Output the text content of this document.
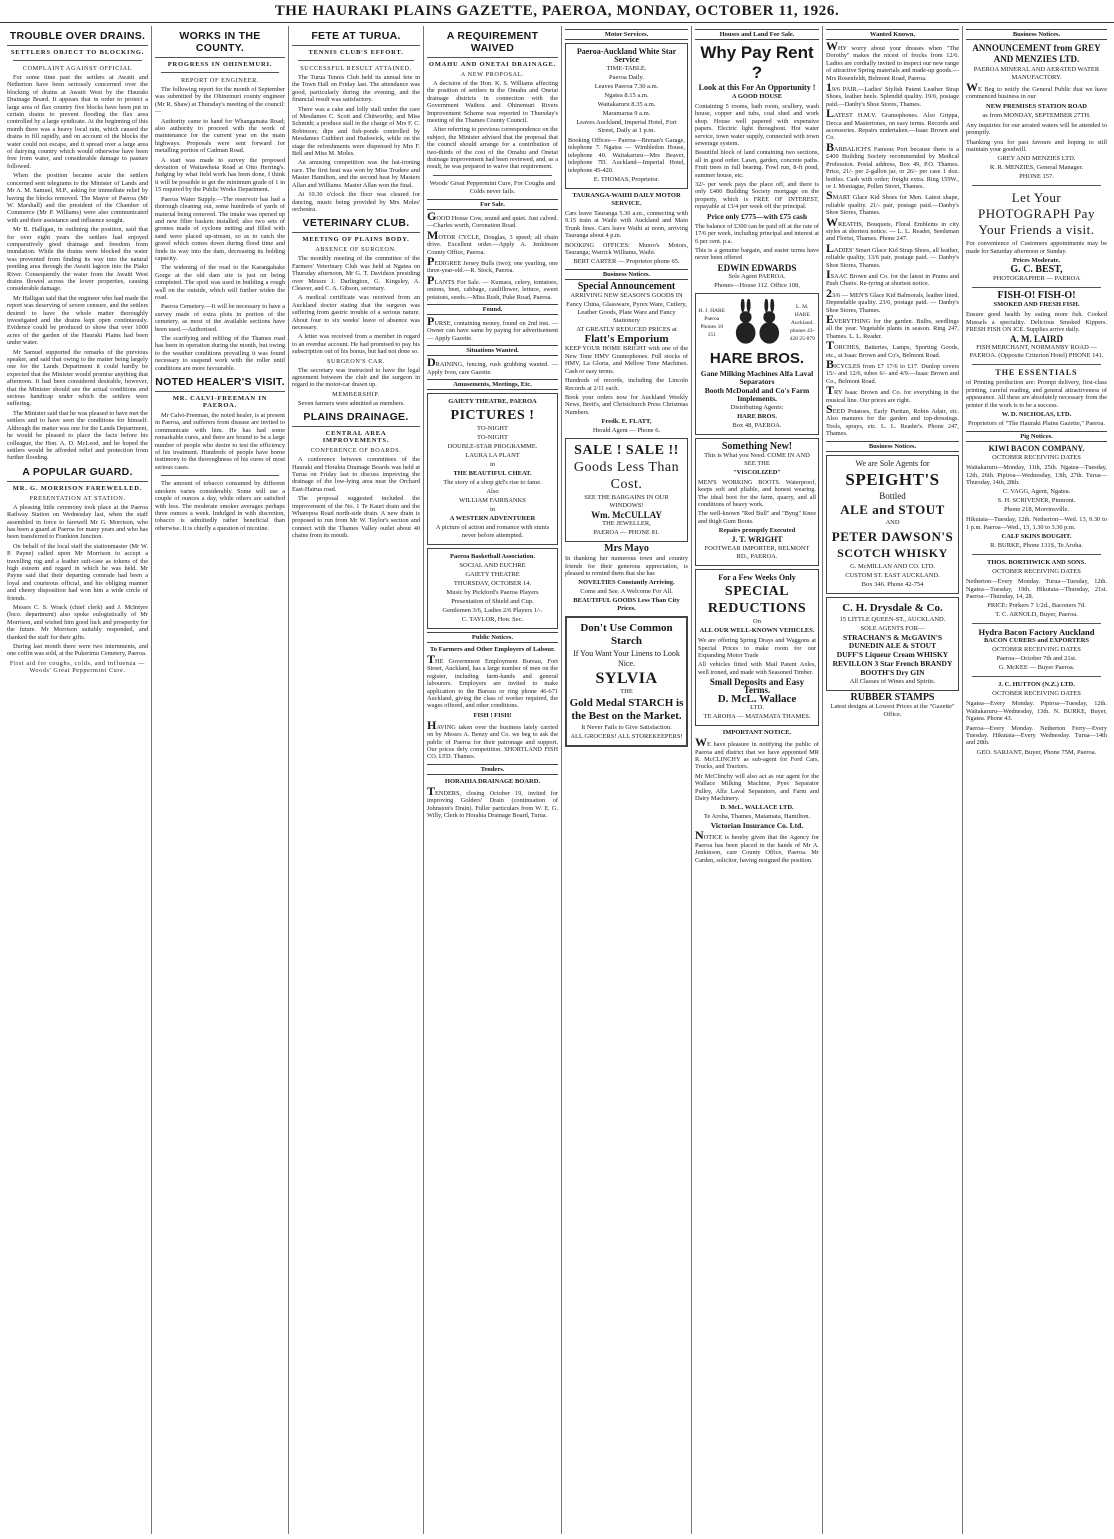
THE HAURAKI PLAINS GAZETTE, PAEROA, MONDAY, OCTOBER 11, 1926.
TROUBLE OVER DRAINS.
SETTLERS OBJECT TO BLOCKING.
COMPLAINT AGAINST OFFICIAL

For some time past the settlers at Awaiti and Netherton have been seriously concerned over the blocking of drains at Awaiti West by the Hauraki Drainage Board. It appears that in order to protect a large area of flax country five blocks have been put in certain drains to prevent flooding the flax area controlled by a large syndicate. At the beginning of this month there was a heavy local rain, which caused the drains to fill rapidly, and on account of the blocks the water could not escape, and it spread over a large area of dairying country which would otherwise have been free from water, and considerable damage to pasture followed.

When the position became acute the settlers concerned sent telegrams to the Minister of Lands and Mr A. M. Samuel, M.P., asking for immediate relief by having the blocks removed. The Mayor of Paeroa (Mr W. Marshall) and the president of the Chamber of Commerce (Mr P. Williams) were also communicated with and their assistance and influence sought.

Mr B. Halligan, in outlining the position, said that for over eight years the settlers had enjoyed comparatively good drainage and freedom from inundation. While the drains were blocked the water was prevented from finding its way into the natural ponding area through the Awaiti lagoon into the Piako River. Consequently the water from the Awaiti West drains flowed across the lower properties, causing considerable damage.

Mr Halligan said that the engineer who had made the report was deserving of severe censure, and the settlers desired to have the whole matter thoroughly investigated and the drains kept open continuously. Evidence could be produced to show that over 1000 acres of the garden of the Hauraki Plains had been under water.

Mr Samuel supported the remarks of the previous speaker, and said that owing to the matter being largely one for the Lands Department it could hardly be expected that the Minister would promise anything that afternoon. It had been considered desirable, however, that the Minister should see the actual conditions and serious handicap under which the settlers were suffering.

The Minister said that he was pleased to have met the settlers and to have seen the conditions for himself. Although the matter was one for the Lands Department, he would be pleased to place the facts before his colleague, the Hon. A. D. McLeod, and he hoped the settlers would be afforded relief and protection from further flooding.

A POPULAR GUARD.
MR. G. MORRISON FAREWELLED.
PRESENTATION AT STATION.

A pleasing little ceremony took place at the Paeroa Railway Station on Wednesday last, when the staff assembled in force to farewell Mr G. Morrison, who has been a guard at Paeroa for many years and who has been transferred to Frankton Junction.

On behalf of the local staff the stationmaster (Mr W. P. Payne) called upon Mr Morrison to accept a travelling rug and a leather suit-case as tokens of the high esteem and regard in which he was held. Mr Payne said that their departing comrade had been a loyal and courteous official, and his obliging manner and cheery disposition had won him a wide circle of friends.

Messrs C. S. Wrack (chief clerk) and J. McIntyre (loco. department) also spoke eulogistically of Mr Morrison, and wished him good luck and prosperity for the future. Mr Morrison suitably responded, and thanked the staff for their gifts.

During last month there were two internments, and one coffin was sold, at the Pukerimu Cemetery, Paeroa.

First aid for coughs, colds, and influenza — Woods' Great Peppermint Cure.
WORKS IN THE COUNTY.
PROGRESS IN OHINEMURI.
REPORT OF ENGINEER.

The following report for the month of September was submitted by the Ohinemuri county engineer (Mr R. Shaw) at Thursday's meeting of the council:—

Authority came to hand for Whangamata Road; also authority to proceed with the work of maintenance for the current year on the main highways. Proposals were sent forward for metalling portion of Cadman Road.

A start was made to survey the proposed deviation of Waitawheta Road at Otto Herring's. Judging by what field work has been done, I think it will be possible to get the minimum grade of 1 in 15 required by the Public Works Department.

Paeroa Water Supply.—The reservoir has had a thorough cleaning out, some hundreds of yards of material being removed. The intake was opened up and new filter baskets installed; also two sets of gromes made of cyclone netting and filled with sand were placed up-stream, so as to catch the gravel which comes down during flood time and finds its way into the dam, decreasing its holding capacity.

The widening of the road to the Karangahake Gorge at the old dam site is just on being completed. The spoil was used in building a rough wall on the outside, which will further widen the road.

Paeroa Cemetery.—It will be necessary to have a survey made of extra plots in portion of the cemetery, as most of the available sections have been used.—Authorised.

The scarifying and relifing of the Thames road has been in operation during the month, but owing to the weather conditions prevailing it was found necessary to suspend work with the roller until conditions are more favourable.

NOTED HEALER'S VISIT.
MR. CALVI-FREEMAN IN PAEROA.

Mr Calvi-Freeman, the noted healer, is at present in Paeroa, and sufferers from disease are invited to communicate with him. He has had some remarkable cures, and there are bound to be a large number of people who desire to test the efficiency of his treatment. Hundreds of people have borne testimony to the thoroughness of his cures of most serious cases.

The amount of tobacco consumed by different smokers varies considerably. Some will use a couple of ounces a day, while others are satisfied with less. The moderate smoker averages perhaps three ounces a week. Indulged in with discretion, tobacco is admittedly rather beneficial than otherwise. It is chiefly a question of nicotine.

FETE AT TURUA.
TENNIS CLUB'S EFFORT.
SUCCESSFUL RESULT ATTAINED.

The Turua Tennis Club held its annual fete in the Town Hall on Friday last. The attendance was good, particularly during the evening, and the financial result was satisfactory.

There was a cake and lolly stall under the care of Mesdames C. Scott and Chitworthy, and Miss Schmidt; a produce stall in the charge of Mrs F. C. Robinson; dips and fish-ponds controlled by Mesdames Cuthbert and Hudswick, while on the stage the refreshments were dispensed by Mrs F. Bell and Miss M. Moles.

An amusing competition was the hat-ironing race. The first heat was won by Miss Trudere and Master Hamilton, and the second heat by Masters Allan and Williams. Master Allan won the final.

At 10.30 o'clock the floor was cleared for dancing, music being provided by Mrs Moles' orchestra.

VETERINARY CLUB.
MEETING OF PLAINS BODY.
ABSENCE OF SURGEON.

The monthly meeting of the committee of the Farmers' Veterinary Club was held at Ngatea on Thursday afternoon, Mr G. T. Davidson presiding over Messrs J. Darlington, G. Kingsley, A. Cleaver, and C. A. Gibson, secretary.

A medical certificate was received from an Auckland doctor stating that the surgeon was suffering from gastric trouble of a serious nature. About four to six weeks' leave of absence was necessary.

A letter was received from a member in regard to an overdue account. He had promised to pay his subscription out of his bonus, but had not done so.

SURGEON'S CAR.

The secretary was instructed to have the legal agreement between the club and the surgeon in regard to the motor-car drawn up.

MEMBERSHIP.

Seven farmers were admitted as members.

PLAINS DRAINAGE.
CENTRAL AREA IMPROVEMENTS.
CONFERENCE OF BOARDS.

A conference between committees of the Hauraki and Horahia Drainage Boards was held at Turua on Friday last to discuss improving the drainage of the low-lying area near the Orchard East-Hairua road.

The proposal suggested included the improvement of the No. 1 Te Kauri drain and the Wharepoa Road north-side drain. A new drain is proposed to run from Mr W. Taylor's section and connect with the Thames Valley outlet about 40 chains from its mouth.

A REQUIREMENT WAIVED
OMAHU AND ONETAI DRAINAGE.
A NEW PROPOSAL.

A decision of the Hon. K. S. Williams affecting the position of settlers in the Omahu and Onetai drainage districts in connection with the Government Waihou and Ohinemuri Rivers Improvement Scheme was reported to Thursday's meeting of the Thames County Council.

After referring to previous correspondence on the subject, the Minister advised that the proposal that the council should arrange for a contribution of two-thirds of the cost of the Omahu and Onetai drainage improvement had been reviewed, and, as a result, he was prepared to waive that requirement.

Woods' Great Peppermint Cure, For Coughs and Colds never fails.
For Sale.
GOOD House Cow, sound and quiet. Just calved.—Charles worth, Coronation Road.
MOTOR CYCLE, Douglas, 3 speed; all chain drive. Excellent order.—Apply A. Jenkinson County Office, Paeroa.
PEDIGREE Jersey Bulls (two); one yearling, one three-year-old.—R. Stock, Paeroa.
PLANTS For Sale. — Kumara, celery, tomatoes, onions, beet, cabbage, cauliflower, lettuce, sweet potatoes, seeds.—Miss Rush, Puke Road, Paeroa.
Found.
PURSE, containing money, found on 2nd inst. — Owner can have same by paying for advertisement — Apply Gazette.
Situations Wanted.
DRAINING, fencing, rush grubbing wanted. — Apply Ivon, care Gazette.
Amusements, Meetings, Etc.
GAIETY THEATRE, PAEROA
PICTURES !
TO-NIGHT
TO-NIGHT
DOUBLE-STAR PROGRAMME.
LAURA LA PLANT
in
THE BEAUTIFUL CHEAT.
The story of a shop girl's rise to fame.
Also
WILLIAM FAIRBANKS
in
A WESTERN ADVENTURER
A picture of action and romance with stunts never before attempted.
Paeroa Basketball Association.
SOCIAL AND EUCHRE
GAIETY THEATRE
THURSDAY, OCTOBER 14.
Music by Pickford's Paeroa Players
Presentation of Shield and Cup.
Gentlemen 3/6, Ladies 2/6 Players 1/-.
C. TAYLOR, Hon. Sec.
Public Notices.
To Farmers and Other Employers of Labour.
THE Government Employment Bureau, Fort Street, Auckland, has a large number of men on the register, including farm-hands and general labourers. Employers are invited to make application to the Bureau or ring phone 46-671 Auckland, giving the class of worker required, the wages offered, and other conditions.
FISH ! FISH!
HAVING taken over the business lately carried on by Messrs A. Benzy and Co. we beg to ask the public of Paeroa for their patronage and support. Our prices defy competition. SHORTLAND FISH CO. LTD. Thames.
Tenders.
HORAHIA DRAINAGE BOARD.
TENDERS, closing October 19, invited for improving Golders' Drain (continuation of Johnston's Drain). Fuller particulars from W. E. G. Willy, Clerk to Horahia Drainage Board, Turua.
Motor Services.
Paeroa-Auckland White Star Service
TIME-TABLE.
Paeroa Daily.
Leaves Paeroa 7.30 a.m.
Ngatea 8.15 a.m.
Waitakaruru 8.35 a.m.
Maramarua 9 a.m.
Leaves Auckland, Imperial Hotel, Fort Street, Daily at 1 p.m.
Booking Offices— Paeroa—Brenan's Garage, telephone 7. Ngatea — Wimbledon House, telephone 40. Waitakaruru—Mrs Beaver, telephone 7D. Auckland—Imperial Hotel, telephone 45-420.
E. THOMAS, Proprietor.
TAURANGA-WAIHI DAILY MOTOR SERVICE.
Cars leave Tauranga 5.30 a.m., connecting with 9.15 train at Waihi with Auckland and Main Trunk lines. Cars leave Waihi at noon, arriving Tauranga about 4 p.m.
BOOKING OFFICES: Munro's Motors, Tauranga; Warrick Williams, Waihi.
BERT CARTER — Proprietor phone 65.
Business Notices.
Special Announcement
ARRIVING NEW SEASON'S GOODS IN
Fancy China, Glassware, Pyrex Ware, Cutlery, Leather Goods, Plate Ware and Fancy Stationery
AT GREATLY REDUCED PRICES at
Flatt's Emporium
KEEP YOUR HOME BRIGHT with one of the New Tone HMV Gramophones. Full stocks of HMV, La Gloria, and Mellow Tone Machines. Cash or easy terms.
Hundreds of records, including the Lincoln Records at 2/11 each.
Book your orders now for Auckland Weekly News, Brett's, and Christchurch Press Christmas Numbers.
Fredk. E. FLATT,
Herald Agent — Phone 6.
SALE ! SALE !!
Goods Less Than Cost.
SEE THE BARGAINS IN OUR WINDOWS!
Wm. McCULLAY
THE JEWELLER,
PAEROA — PHONE 81.
Mrs Mayo
In thanking her numerous town and country friends for their generous appreciation, is pleased to remind them that she has
NOVELTIES Constantly Arriving.
Come and See. A Welcome For All.
BEAUTIFUL GOODS Less Than City Prices.
Don't Use Common Starch
If You Want Your Linens to Look Nice.
SYLVIA
THE
Gold Medal STARCH is the Best on the Market.
It Never Fails to Give Satisfaction.
ALL GROCERS! ALL STOREKEEPERS!
Houses and Land For Sale.
Why Pay Rent ?
Look at this For An Opportunity !
A GOOD HOUSE
Containing 5 rooms, bath room, scullery, wash house, copper and tubs, coal shed and work shop. House well papered with expensive papers. Electric light throughout. Hot water service, town water supply, connected with town sewerage system.
Beautiful block of land containing two sections, all in good order. Lawn, garden, concrete paths. Fruit trees in full bearing. Fowl run, 8-ft pond, summer house, etc.
32/- per week pays the place off, and there is only £400 Building Society mortgage on the property, which is FREE OF INTEREST, repayable at 13/4 per week off the principal.
Price only £775—with £75 cash
The balance of £300 can be paid off at the rate of 17/6 per week, including principal and interest at 6 per cent. p.a.
This is a genuine bargain, and easier terms have never been offered
EDWIN EDWARDS
Sole Agent PAEROA.
Phones—House 112. Office 108,
H. J. HARE Paeroa Phones 10 151
L. M. HARE Auckland. phones 43-428 25-879
HARE BROS.
Gane Milking Machines Alfa Laval Separators
Booth McDonald and Co's Farm Implements.
Distributing Agents:
HARE BROS.
Box 48, PAEROA.
Something New!
This is What you Need. COME IN AND SEE THE
"VISCOLIZED"
MEN'S WORKING BOOTS. Waterproof, keeps soft and pliable, and honest wearing. The ideal boot for the farm, quarry, and all conditions of heavy work.
The well-known "Red Bull" and "Byng" Knee and thigh Gum Boots.
Repairs promptly Executed
J. T. WRIGHT
FOOTWEAR IMPORTER, BELMONT RD., PAEROA.
For a Few Weeks Only
SPECIAL REDUCTIONS
On
ALL OUR WELL-KNOWN VEHICLES.
We are offering Spring Drays and Waggons at Special Prices to make room for our Expanding Motor Trade
All vehicles fitted with Mail Patent Axles, well ironed, and made with Seasoned Timber.
Small Deposits and Easy Terms.
D. McL. Wallace
LTD.
TE AROHA — MATAMATA THAMES.
IMPORTANT NOTICE.
WE have pleasure in notifying the public of Paeroa and district that we have appointed MR R. McCLINCHY as sub-agent for Ford Cars, Trucks, and Tractors.
Mr McClinchy will also act as our agent for the Wallace Milking Machine, Pyes Separator Pulley, Alfa Laval Separators, and Farm and Dairy Machinery.
D. McL. WALLACE LTD.
Te Aroha, Thames, Matamata, Hamilton.
Victorian Insurance Co. Ltd.
NOTICE is hereby given that the Agency for Paeroa has been placed in the hands of Mr A. Jenkinson, care County Office, Paeroa. Mr Carden, solicitor, having resigned the position.
Wanted Known.
WHY worry about your dresses when "The Dorothy" makes the nicest of frocks from 12/6. Ladies are cordially invited to inspect our new range of attractive Spring materials and made-up goods.—Mrs Rosenfeldt, Belmont Road, Paeroa.
19/6 PAIR.—Ladies' Stylish Patent Leather Strap Shoes, leather heels. Splendid quality. 19/6, postage paid.—Danby's Shoe Stores, Thames.
LATEST H.M.V. Gramophones. Also Grippa, Decca and Mastertones, on easy terms. Records and accessories. Repairs undertaken.—Isaac Brown and Co.
BARBALICH'S Famous Port because there is a £400 Building Society recommended by Medical Profession. Postal address, Box 49, P.O. Thames. Price, 21/- per 2-gallon jar, or 26/- per case 1 doz. bottles. Cash with order; freight extra. Ring 159W., or J. Montague, Pollen Street, Thames.
SMART Glace Kid Shoes for Men. Latest shape, reliable quality. 21/- pair, postage paid.—Danby's Shoe Stores, Thames.
WREATHS, Bouquets, Floral Emblems in city styles at shortest notice. — L. L. Reader, Seedsman and Florist, Thames. Phone 247.
LADIES' Smart Glace Kid Strap Shoes, all leather, reliable quality, 13/6 pair, postage paid. — Danby's Shoe Stores, Thames.
ISAAC Brown and Co. for the latest in Prams and Push Chairs. Re-tyring at shortest notice.
23/6 — MEN'S Glace Kid Balmorals, leather lined. Dependable quality. 23/6, postage paid. — Danby's Shoe Stores, Thames.
EVERYTHING for the garden. Bulbs, seedlings all the year. Vegetable plants in season. Ring 247, Thames. L. L. Reader.
TORCHES, Batteries, Lamps, Sporting Goods, etc., at Isaac Brown and Co's, Belmont Road.
BICYCLES from £7 17/6 to £17. Dunlop covers 15/- and 12/6, tubes 6/- and 4/9.—Isaac Brown and Co., Belmont Road.
TRY Isaac Brown and Co. for everything in the musical line. Our prices are right.
SEED Potatoes, Early Puritan, Robin Adair, etc. Also manures for the garden and top-dressings. Tools, sprays, etc. L. L. Reader's. Phone 247, Thames.
Business Notices.
We are Sole Agents for
SPEIGHT'S
Bottled
ALE and STOUT
AND
PETER DAWSON'S
SCOTCH WHISKY
G. McMILLAN AND CO. LTD.
CUSTOM ST. EAST AUCKLAND.
Box 346. Phone 42-754
C. H. Drysdale & Co.
15 LITTLE QUEEN-ST., AUCKLAND.
SOLE AGENTS FOR—
STRACHAN'S & McGAVIN'S DUNEDIN ALE & STOUT
DUFF'S Liqueur Cream WHISKY
REVILLON 3 Star French BRANDY
BOOTH'S Dry GIN
All Classes of Wines and Spirits.
RUBBER STAMPS
Latest designs at Lowest Prices at the "Gazette" Office.
Business Notices.
ANNOUNCEMENT from GREY AND MENZIES LTD.
PAEROA MINERAL AND AERATED WATER MANUFACTORY.
WE Beg to notify the General Public that we have commenced business in our
NEW PREMISES STATION ROAD
as from MONDAY, SEPTEMBER 27TH.
Any inquiries for our aerated waters will be attended to promptly.
Thanking you for past favours and hoping to still maintain your goodwill.
GREY AND MENZIES LTD.
R. R. MENZIES, General Manager.
PHONE 157.
Let Your PHOTOGRAPH Pay Your Friends a visit.
For convenience of Customers appointments may be made for Saturday afternoon or Sunday.
Prices Moderate.
G. C. BEST,
PHOTOGRAPHER — PAEROA
FISH-O! FISH-O!
SMOKED AND FRESH FISH.
Ensure good health by eating more fish. Cooked Mussels a speciality. Delicious Smoked Kippers. FRESH FISH ON ICE. Supplies arrive daily.
A. M. LAIRD
FISH MERCHANT, NORMANBY ROAD — PAEROA. (Opposite Criterion Hotel) PHONE 141.
THE ESSENTIALS
of Printing production are: Prompt delivery, first-class printing, careful reading, and general attractiveness of appearance. All these are absolutely necessary from the printer if the work is to be a success.
W. D. NICHOLAS, LTD.
Proprietors of "The Hauraki Plains Gazette," Paeroa.
Pig Notices.
KIWI BACON COMPANY.
OCTOBER RECEIVING DATES
Waitakaruru—Monday, 11th, 25th. Ngatea—Tuesday, 12th, 26th. Pipiroa—Wednesday, 13th, 27th. Turua—Thursday, 14th, 28th.
C. VAGG, Agent, Ngatea.
S. H. SCRIVENER, Pinmont.
Phone 218, Morrinsville.
Hikutaia—Tuesday, 12th. Netherton—Wed. 13, 9.30 to 1 p.m. Paeroa—Wed., 13, 1.30 to 3.30 p.m.
CALF SKINS BOUGHT.
R. BURKE, Phone 131S, Te Aroha.
THOS. BORTHWICK AND SONS.
OCTOBER RECEIVING DATES
Netherton—Every Monday. Turua—Tuesday, 12th. Ngatea—Tuesday, 19th. Hikutaia—Thursday, 21st. Paeroa—Thursday, 14, 28.
PRICE: Porkers 7 1/2d., Baconers 7d.
T. C. ARNOLD, Buyer, Paeroa.
Hydra Bacon Factory Auckland
BACON CURERS and EXPORTERS
OCTOBER RECEIVING DATES
Paeroa—October 7th and 21st.
G. McKEE — Buyer Paeroa.
J. C. HUTTON (N.Z.) LTD.
OCTOBER RECEIVING DATES
Ngatea—Every Monday. Pipiroa—Tuesday, 12th. Waitakaruru—Wednesday, 13th. N. BURKE, Buyer, Ngatea. Phone 43.
Paeroa—Every Monday. Netherton Ferry—Every Tuesday. Hikutaia—Every Wednesday. Turua—14th and 28th.
GEO. SARJANT, Buyer, Phone 75M, Paeroa.
